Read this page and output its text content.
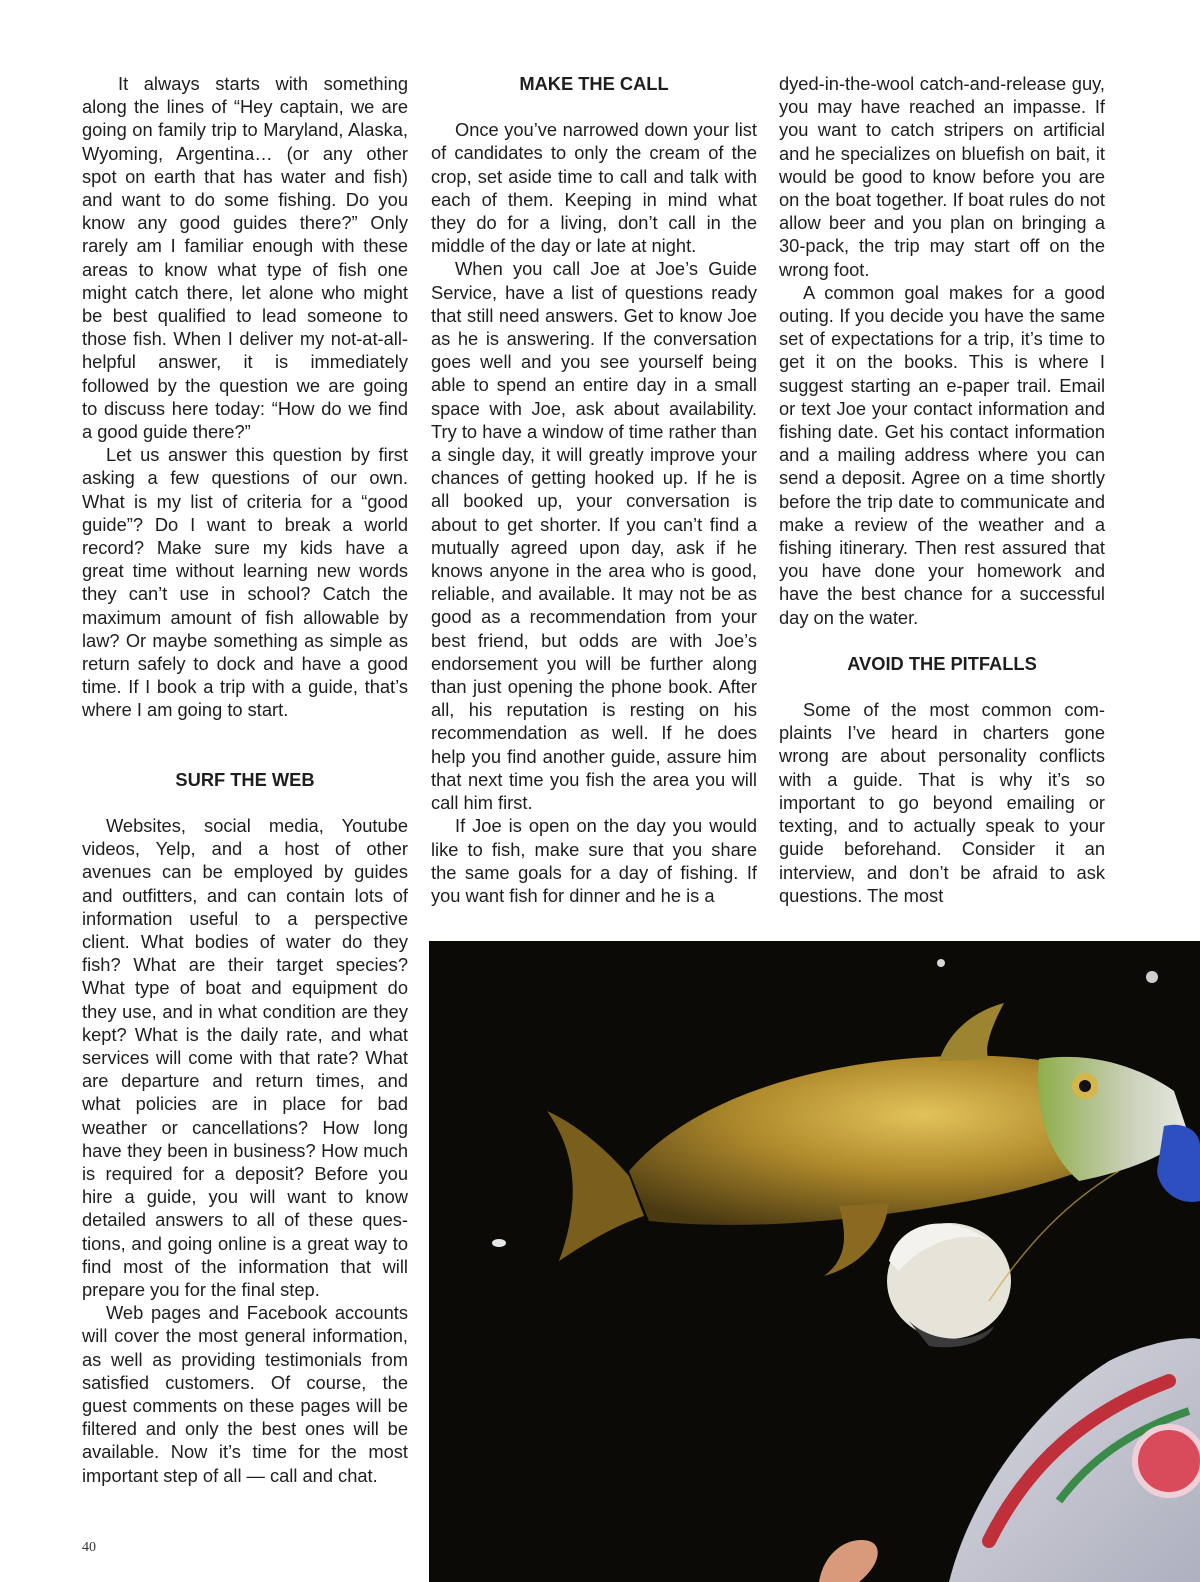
It always starts with something along the lines of “Hey captain, we are going on family trip to Maryland, Alaska, Wyoming, Argentina… (or any other spot on earth that has water and fish) and want to do some fishing. Do you know any good guides there?” Only rarely am I familiar enough with these areas to know what type of fish one might catch there, let alone who might be best qualified to lead someone to those fish. When I deliver my not-at-all-helpful answer, it is immediately followed by the question we are going to discuss here today: “How do we find a good guide there?”

Let us answer this question by first asking a few questions of our own. What is my list of criteria for a “good guide”? Do I want to break a world record? Make sure my kids have a great time without learning new words they can’t use in school? Catch the maximum amount of fish allowable by law? Or maybe something as simple as return safely to dock and have a good time. If I book a trip with a guide, that’s where I am going to start.

SURF THE WEB

Websites, social media, Youtube videos, Yelp, and a host of other avenues can be employed by guides and outfitters, and can contain lots of information useful to a perspective client. What bodies of water do they fish? What are their target species? What type of boat and equipment do they use, and in what condition are they kept? What is the daily rate, and what services will come with that rate? What are departure and return times, and what policies are in place for bad weather or cancellations? How long have they been in business? How much is required for a deposit? Before you hire a guide, you will want to know detailed answers to all of these questions, and going online is a great way to find most of the information that will prepare you for the final step.

Web pages and Facebook accounts will cover the most general information, as well as providing testimonials from satisfied customers. Of course, the guest comments on these pages will be filtered and only the best ones will be available. Now it’s time for the most important step of all — call and chat.

MAKE THE CALL

Once you’ve narrowed down your list of candidates to only the cream of the crop, set aside time to call and talk with each of them. Keeping in mind what they do for a living, don’t call in the middle of the day or late at night.

When you call Joe at Joe’s Guide Service, have a list of questions ready that still need answers. Get to know Joe as he is answering. If the conversation goes well and you see yourself being able to spend an entire day in a small space with Joe, ask about availability. Try to have a window of time rather than a single day, it will greatly improve your chances of getting hooked up. If he is all booked up, your conversation is about to get shorter. If you can’t find a mutually agreed upon day, ask if he knows anyone in the area who is good, reliable, and available. It may not be as good as a recommendation from your best friend, but odds are with Joe’s endorsement you will be further along than just opening the phone book. After all, his reputation is resting on his recommendation as well. If he does help you find another guide, assure him that next time you fish the area you will call him first.

If Joe is open on the day you would like to fish, make sure that you share the same goals for a day of fishing. If you want fish for dinner and he is a

dyed-in-the-wool catch-and-release guy, you may have reached an impasse. If you want to catch stripers on artificial and he specializes on bluefish on bait, it would be good to know before you are on the boat together. If boat rules do not allow beer and you plan on bringing a 30-pack, the trip may start off on the wrong foot.

A common goal makes for a good outing. If you decide you have the same set of expectations for a trip, it’s time to get it on the books. This is where I suggest starting an e-paper trail. Email or text Joe your contact information and fishing date. Get his contact information and a mailing address where you can send a deposit. Agree on a time shortly before the trip date to communicate and make a review of the weather and a fishing itinerary. Then rest assured that you have done your homework and have the best chance for a successful day on the water.

AVOID THE PITFALLS

Some of the most common complaints I’ve heard in charters gone wrong are about personality conflicts with a guide. That is why it’s so important to go beyond emailing or texting, and to actually speak to your guide beforehand. Consider it an interview, and don’t be afraid to ask questions. The most

40
